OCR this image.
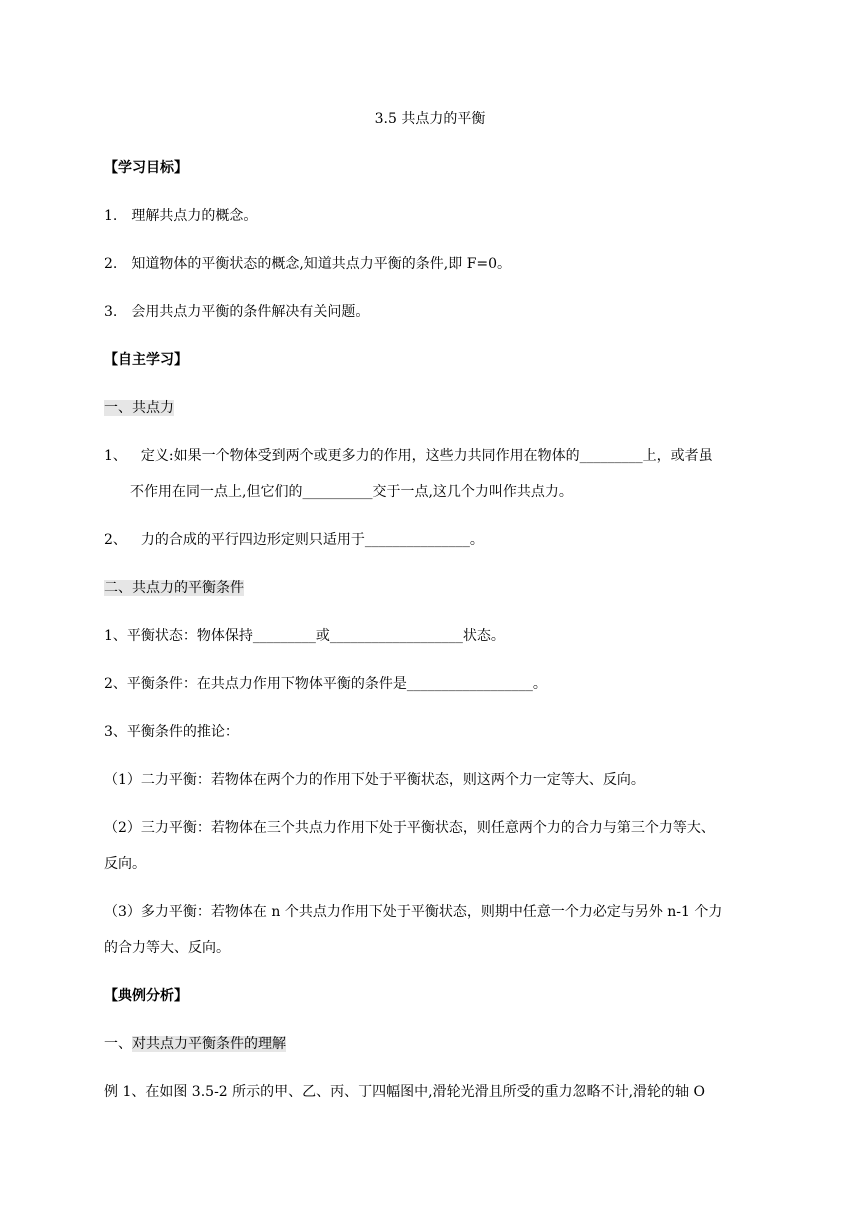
3.5 共点力的平衡
【学习目标】
1. 理解共点力的概念。
2. 知道物体的平衡状态的概念,知道共点力平衡的条件,即 F=0。
3. 会用共点力平衡的条件解决有关问题。
【自主学习】
一、共点力
1、 定义:如果一个物体受到两个或更多力的作用，这些力共同作用在物体的_________上，或者虽
不作用在同一点上,但它们的__________交于一点,这几个力叫作共点力。
2、 力的合成的平行四边形定则只适用于_______________。
二、共点力的平衡条件
1、平衡状态：物体保持_________或___________________状态。
2、平衡条件：在共点力作用下物体平衡的条件是__________________。
3、平衡条件的推论：
（1）二力平衡：若物体在两个力的作用下处于平衡状态，则这两个力一定等大、反向。
（2）三力平衡：若物体在三个共点力作用下处于平衡状态，则任意两个力的合力与第三个力等大、
反向。
（3）多力平衡：若物体在 n 个共点力作用下处于平衡状态，则期中任意一个力必定与另外 n-1 个力
的合力等大、反向。
【典例分析】
一、对共点力平衡条件的理解
例 1、在如图 3.5-2 所示的甲、乙、丙、丁四幅图中,滑轮光滑且所受的重力忽略不计,滑轮的轴 O
